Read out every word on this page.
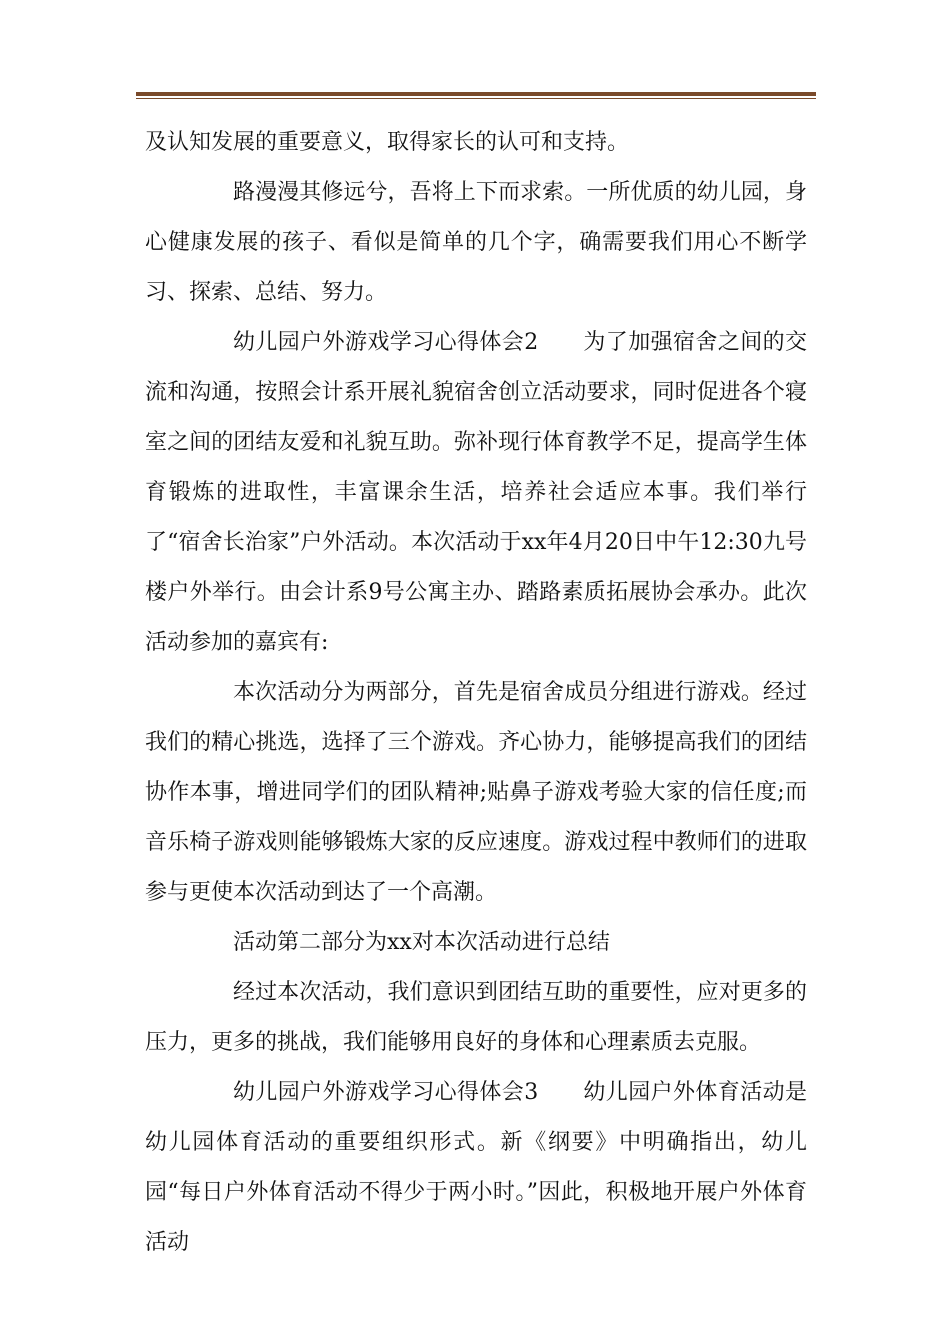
及认知发展的重要意义，取得家长的认可和支持。

路漫漫其修远兮，吾将上下而求索。一所优质的幼儿园，身心健康发展的孩子、看似是简单的几个字，确需要我们用心不断学习、探索、总结、努力。

幼儿园户外游戏学习心得体会2　　为了加强宿舍之间的交流和沟通，按照会计系开展礼貌宿舍创立活动要求，同时促进各个寝室之间的团结友爱和礼貌互助。弥补现行体育教学不足，提高学生体育锻炼的进取性，丰富课余生活，培养社会适应本事。我们举行了“宿舍长治家”户外活动。本次活动于xx年4月20日中午12:30九号楼户外举行。由会计系9号公寓主办、踏路素质拓展协会承办。此次活动参加的嘉宾有:

本次活动分为两部分，首先是宿舍成员分组进行游戏。经过我们的精心挑选，选择了三个游戏。齐心协力，能够提高我们的团结协作本事，增进同学们的团队精神;贴鼻子游戏考验大家的信任度;而音乐椅子游戏则能够锻炼大家的反应速度。游戏过程中教师们的进取参与更使本次活动到达了一个高潮。

活动第二部分为xx对本次活动进行总结

经过本次活动，我们意识到团结互助的重要性，应对更多的压力，更多的挑战，我们能够用良好的身体和心理素质去克服。

幼儿园户外游戏学习心得体会3　　幼儿园户外体育活动是幼儿园体育活动的重要组织形式。新《纲要》中明确指出，幼儿园“每日户外体育活动不得少于两小时。”因此，积极地开展户外体育活动
